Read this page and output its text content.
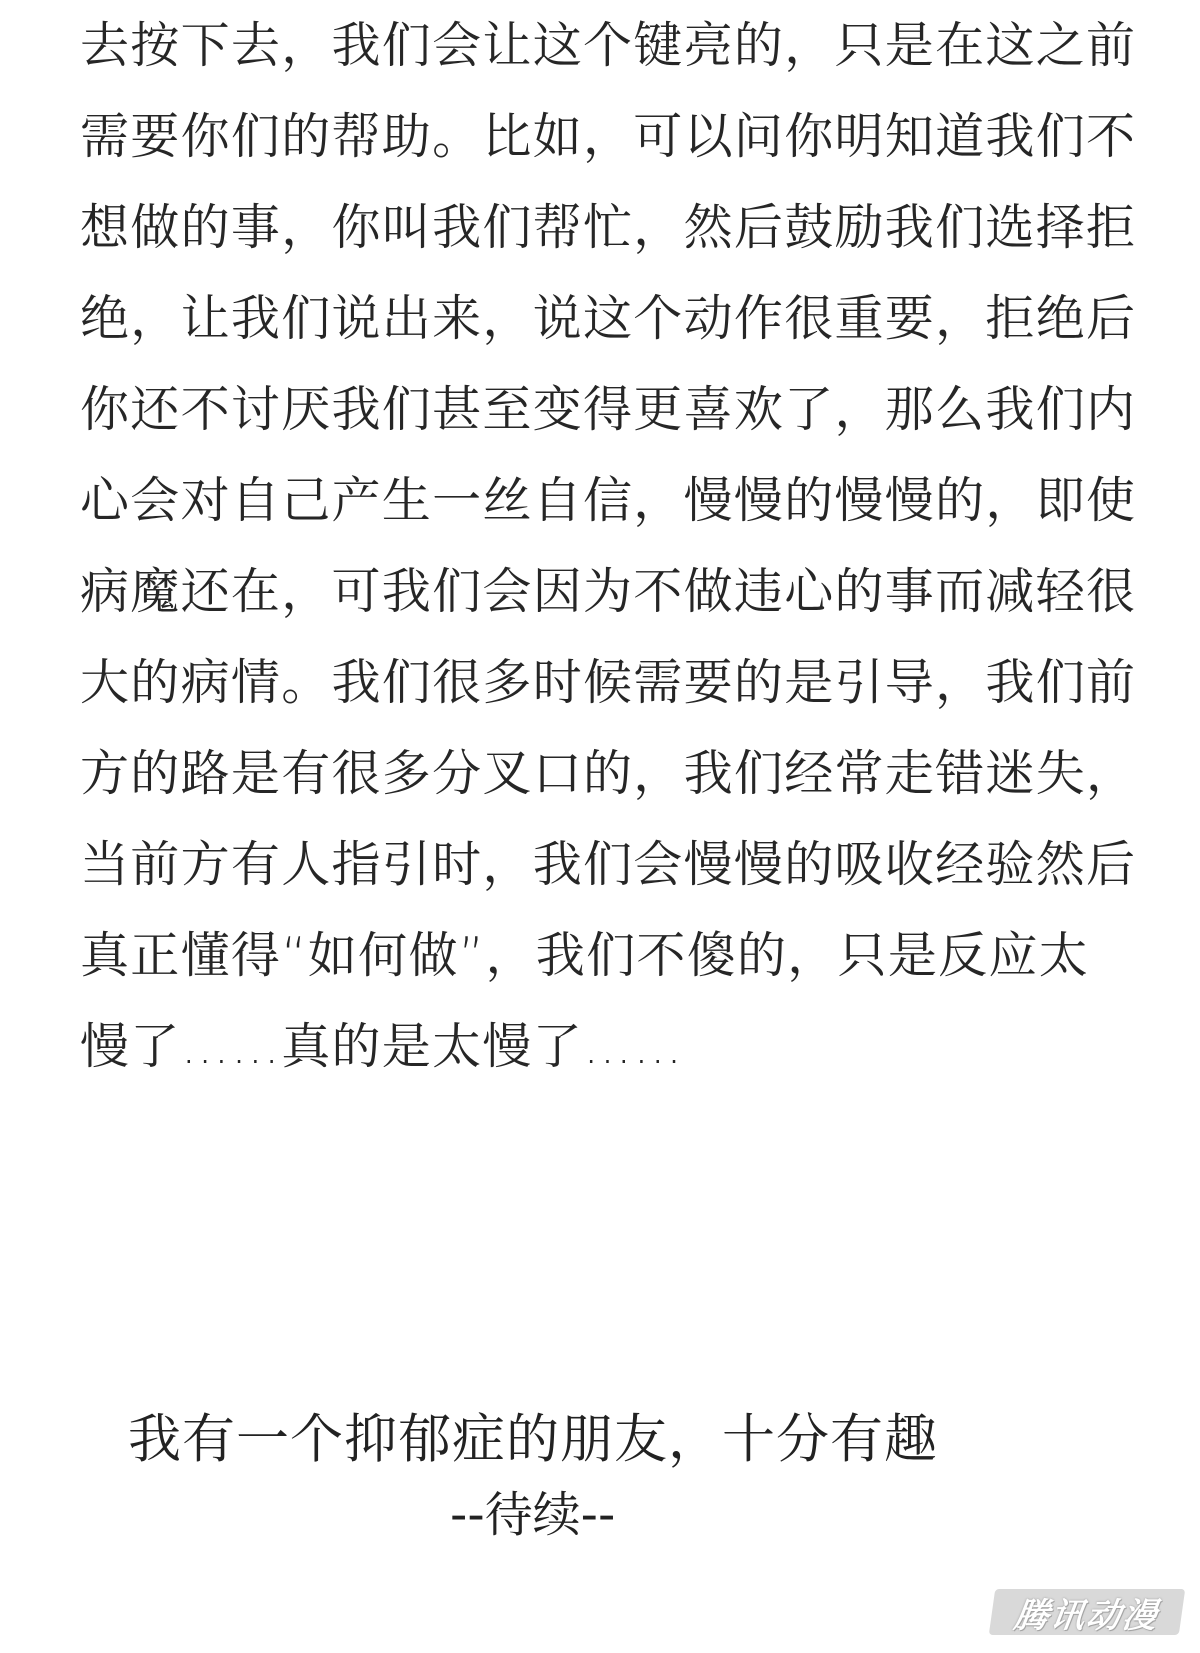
去按下去，我们会让这个键亮的，只是在这之前
需要你们的帮助。比如，可以问你明知道我们不
想做的事，你叫我们帮忙，然后鼓励我们选择拒
绝，让我们说出来，说这个动作很重要，拒绝后
你还不讨厌我们甚至变得更喜欢了，那么我们内
心会对自己产生一丝自信，慢慢的慢慢的，即使
病魔还在，可我们会因为不做违心的事而减轻很
大的病情。我们很多时候需要的是引导，我们前
方的路是有很多分叉口的，我们经常走错迷失，
当前方有人指引时，我们会慢慢的吸收经验然后
真正懂得“如何做”，我们不傻的，只是反应太
慢了……真的是太慢了……
我有一个抑郁症的朋友，十分有趣
--待续--
腾讯动漫
